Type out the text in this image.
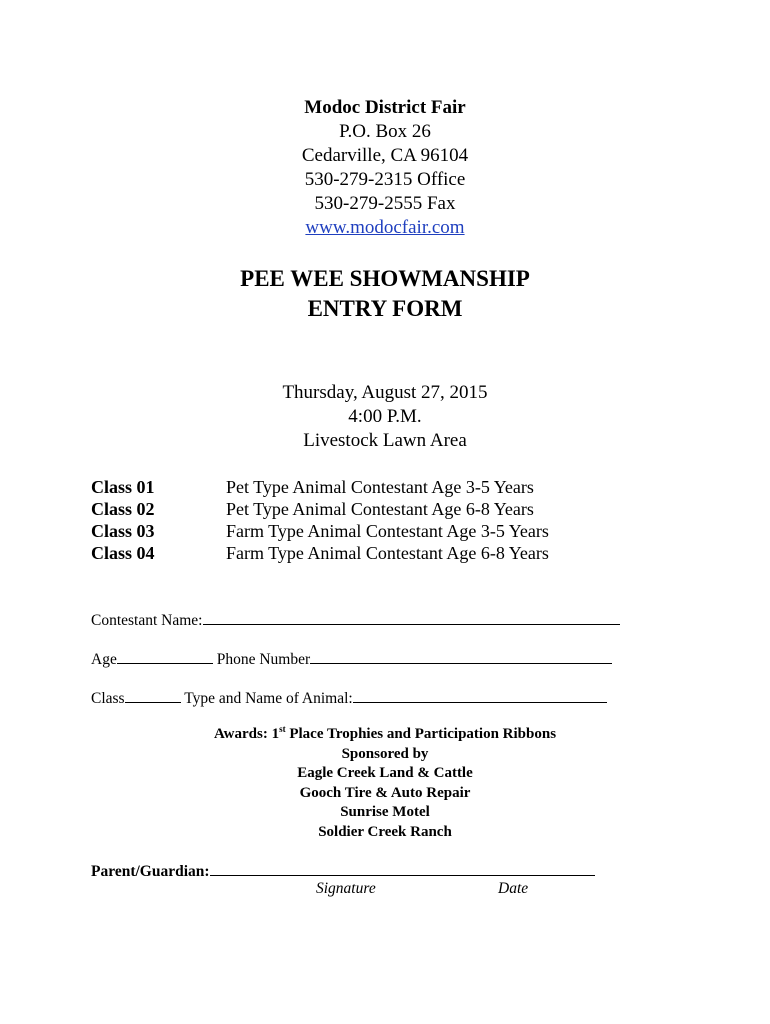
Modoc District Fair
P.O. Box 26
Cedarville, CA 96104
530-279-2315 Office
530-279-2555 Fax
www.modocfair.com
PEE WEE SHOWMANSHIP
ENTRY FORM
Thursday, August 27, 2015
4:00 P.M.
Livestock Lawn Area
Class 01	Pet Type Animal Contestant Age 3-5 Years
Class 02	Pet Type Animal Contestant Age 6-8 Years
Class 03	Farm Type Animal Contestant Age 3-5 Years
Class 04	Farm Type Animal Contestant Age 6-8 Years
Contestant Name:
Age	Phone Number
Class	Type and Name of Animal:
Awards: 1st Place Trophies and Participation Ribbons
Sponsored by
Eagle Creek Land & Cattle
Gooch Tire & Auto Repair
Sunrise Motel
Soldier Creek Ranch
Parent/Guardian:
Signature	Date
